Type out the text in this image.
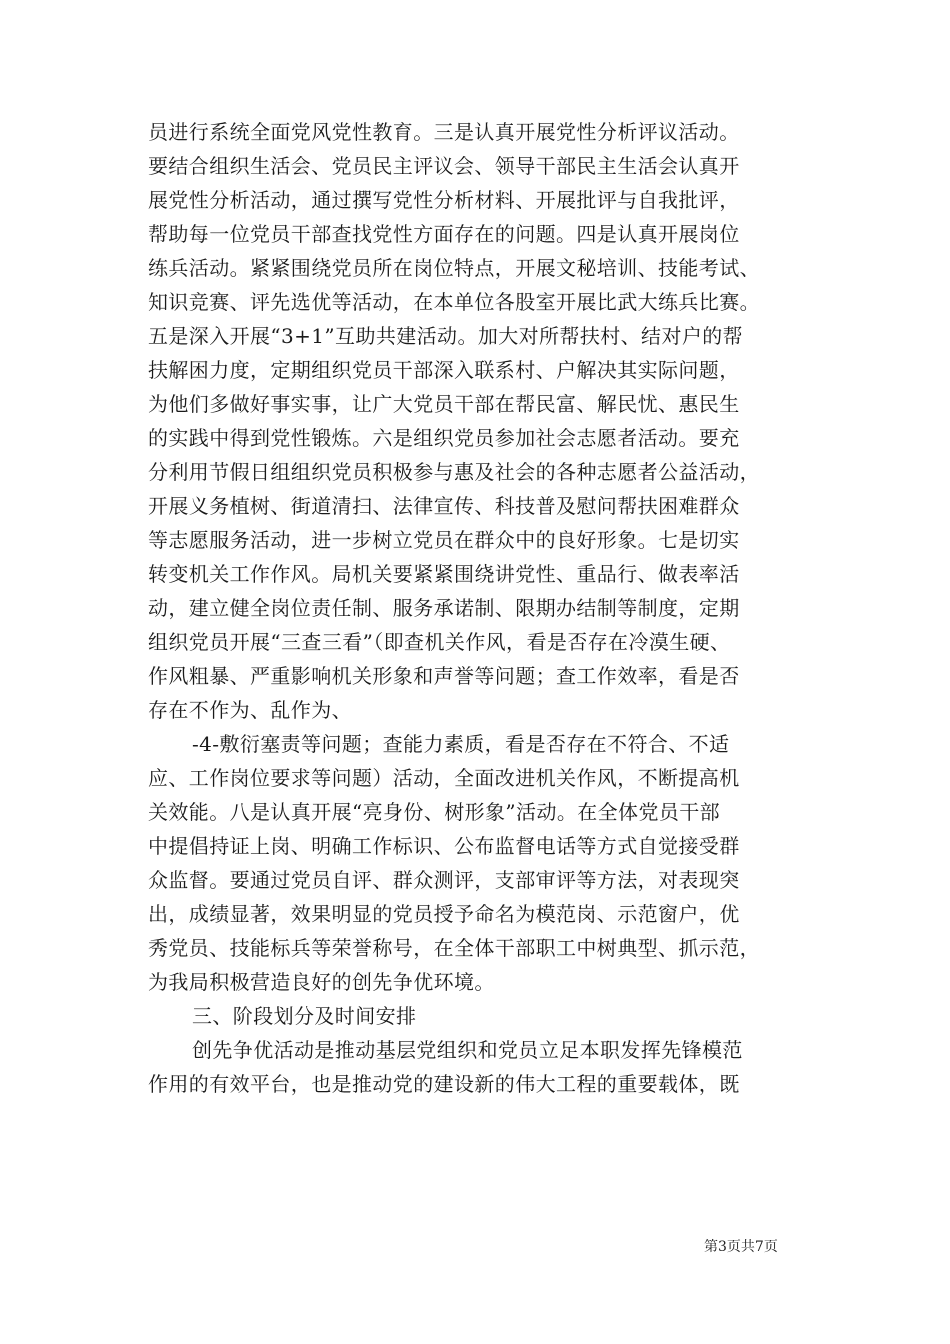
员进行系统全面党风党性教育。三是认真开展党性分析评议活动。
要结合组织生活会、党员民主评议会、领导干部民主生活会认真开
展党性分析活动，通过撰写党性分析材料、开展批评与自我批评，
帮助每一位党员干部查找党性方面存在的问题。四是认真开展岗位
练兵活动。紧紧围绕党员所在岗位特点，开展文秘培训、技能考试、
知识竞赛、评先选优等活动，在本单位各股室开展比武大练兵比赛。
五是深入开展“3+1”互助共建活动。加大对所帮扶村、结对户的帮
扶解困力度，定期组织党员干部深入联系村、户解决其实际问题，
为他们多做好事实事，让广大党员干部在帮民富、解民忧、惠民生
的实践中得到党性锻炼。六是组织党员参加社会志愿者活动。要充
分利用节假日组组织党员积极参与惠及社会的各种志愿者公益活动，
开展义务植树、街道清扫、法律宣传、科技普及慰问帮扶困难群众
等志愿服务活动，进一步树立党员在群众中的良好形象。七是切实
转变机关工作作风。局机关要紧紧围绕讲党性、重品行、做表率活
动，建立健全岗位责任制、服务承诺制、限期办结制等制度，定期
组织党员开展“三查三看”（即查机关作风，看是否存在冷漠生硬、
作风粗暴、严重影响机关形象和声誉等问题；查工作效率，看是否
存在不作为、乱作为、
-4-敷衍塞责等问题；查能力素质，看是否存在不符合、不适
应、工作岗位要求等问题）活动，全面改进机关作风，不断提高机
关效能。八是认真开展“亮身份、树形象”活动。在全体党员干部
中提倡持证上岗、明确工作标识、公布监督电话等方式自觉接受群
众监督。要通过党员自评、群众测评，支部审评等方法，对表现突
出，成绩显著，效果明显的党员授予命名为模范岗、示范窗户，优
秀党员、技能标兵等荣誉称号，在全体干部职工中树典型、抓示范，
为我局积极营造良好的创先争优环境。
三、阶段划分及时间安排
创先争优活动是推动基层党组织和党员立足本职发挥先锋模范
作用的有效平台，也是推动党的建设新的伟大工程的重要载体，既
第3页共7页
